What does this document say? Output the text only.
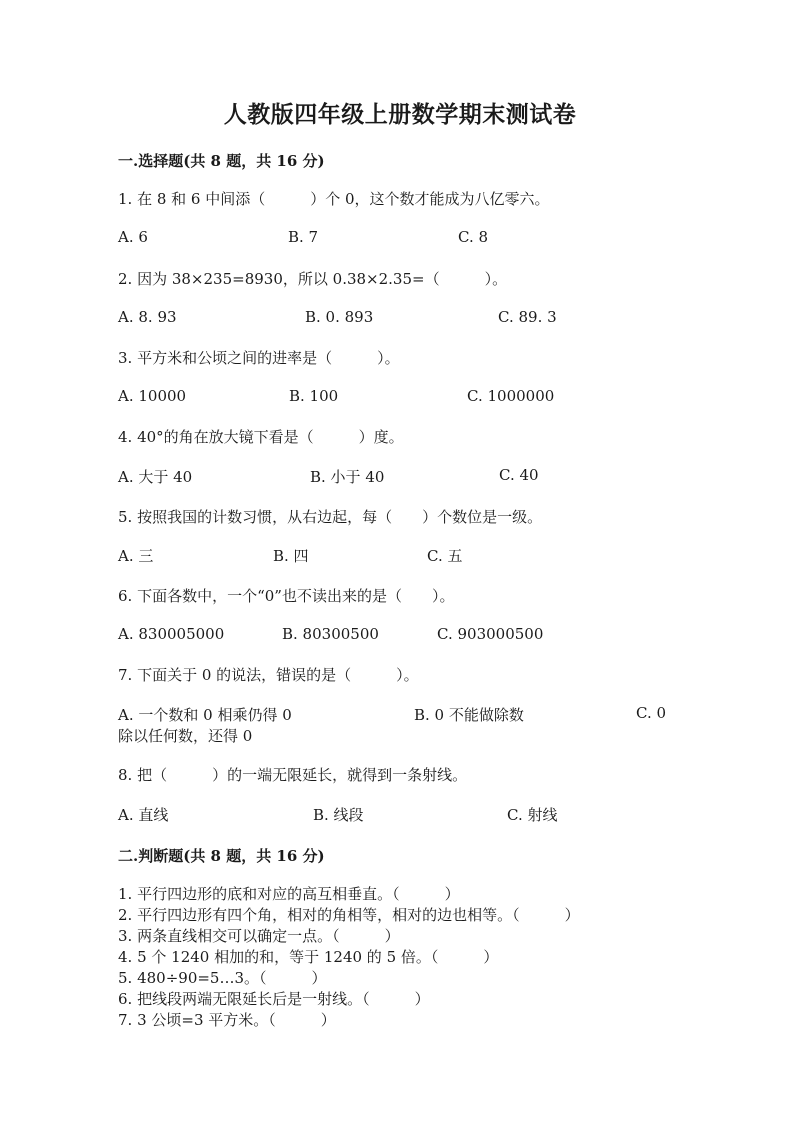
人教版四年级上册数学期末测试卷
一.选择题(共 8 题，共 16 分)
1. 在 8 和 6 中间添（　　　）个 0，这个数才能成为八亿零六。
A. 6	B. 7	C. 8
2. 因为 38×235=8930，所以 0.38×2.35=（　　　）。
A. 8. 93	B. 0. 893	C. 89. 3
3. 平方米和公顷之间的进率是（　　　）。
A. 10000	B. 100	C. 1000000
4. 40°的角在放大镜下看是（　　　）度。
A. 大于 40	B. 小于 40	C. 40
5. 按照我国的计数习惯，从右边起，每（　　）个数位是一级。
A. 三	B. 四	C. 五
6. 下面各数中，一个“0”也不读出来的是（　　）。
A. 830005000	B. 80300500	C. 903000500
7. 下面关于 0 的说法，错误的是（　　　）。
A. 一个数和 0 相乘仍得 0	B. 0 不能做除数	C. 0
除以任何数，还得 0
8. 把（　　　）的一端无限延长，就得到一条射线。
A. 直线	B. 线段	C. 射线
二.判断题(共 8 题，共 16 分)
1. 平行四边形的底和对应的高互相垂直。（　　　）
2. 平行四边形有四个角，相对的角相等，相对的边也相等。（　　　）
3. 两条直线相交可以确定一点。（　　　）
4. 5 个 1240 相加的和，等于 1240 的 5 倍。（　　　）
5. 480÷90=5…3。（　　　）
6. 把线段两端无限延长后是一射线。（　　　）
7. 3 公顷=3 平方米。（　　　）
